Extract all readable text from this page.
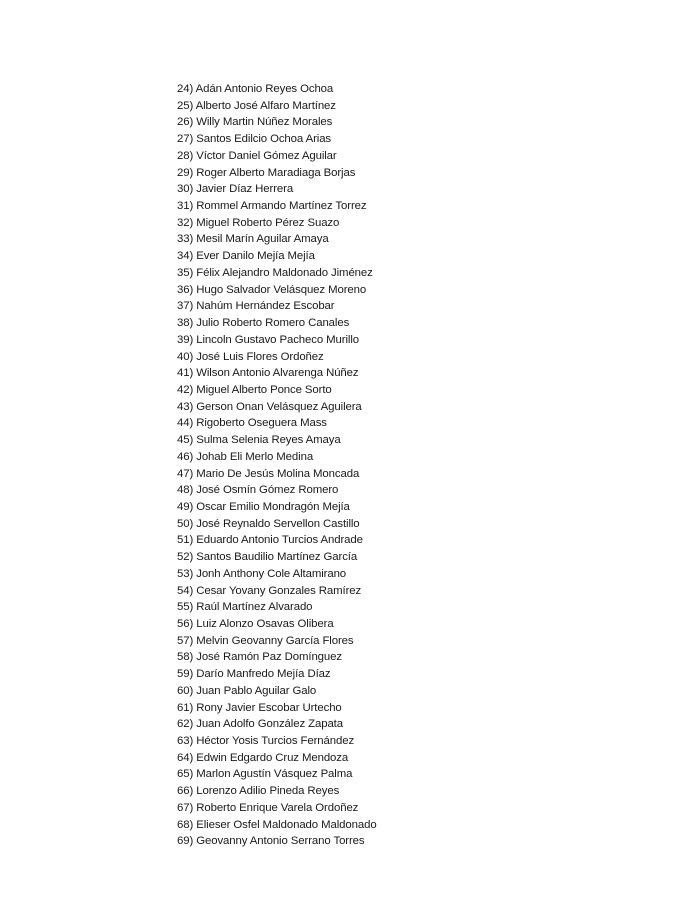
24) Adán Antonio Reyes Ochoa
25) Alberto José Alfaro Martínez
26) Willy Martin Núñez Morales
27) Santos Edilcio Ochoa Arias
28) Víctor Daniel Gómez Aguilar
29) Roger Alberto Maradiaga Borjas
30) Javier Díaz Herrera
31) Rommel Armando Martínez Torrez
32) Miguel Roberto Pérez Suazo
33) Mesil Marín Aguilar Amaya
34) Ever Danilo Mejía Mejía
35) Félix Alejandro Maldonado Jiménez
36) Hugo Salvador Velásquez Moreno
37) Nahúm Hernández Escobar
38) Julio Roberto Romero Canales
39) Lincoln Gustavo Pacheco Murillo
40) José Luis Flores Ordoñez
41) Wilson Antonio Alvarenga Núñez
42) Miguel Alberto Ponce Sorto
43) Gerson Onan Velásquez Aguilera
44) Rigoberto Oseguera Mass
45) Sulma Selenia Reyes Amaya
46) Johab Eli Merlo Medina
47) Mario De Jesús Molina Moncada
48) José Osmín Gómez Romero
49) Oscar Emilio Mondragón Mejía
50) José Reynaldo Servellon Castillo
51) Eduardo Antonio Turcios Andrade
52) Santos Baudilio Martínez García
53) Jonh Anthony Cole Altamirano
54) Cesar Yovany Gonzales Ramírez
55) Raúl Martínez Alvarado
56) Luiz Alonzo Osavas Olibera
57) Melvin Geovanny García Flores
58) José Ramón Paz Domínguez
59) Darío Manfredo Mejía Díaz
60) Juan Pablo Aguilar Galo
61) Rony Javier Escobar Urtecho
62) Juan Adolfo González Zapata
63) Héctor Yosis Turcios Fernández
64) Edwin Edgardo Cruz Mendoza
65) Marlon Agustín Vásquez Palma
66) Lorenzo Adilio Pineda Reyes
67) Roberto Enrique Varela Ordoñez
68) Elieser Osfel Maldonado Maldonado
69) Geovanny Antonio Serrano Torres
